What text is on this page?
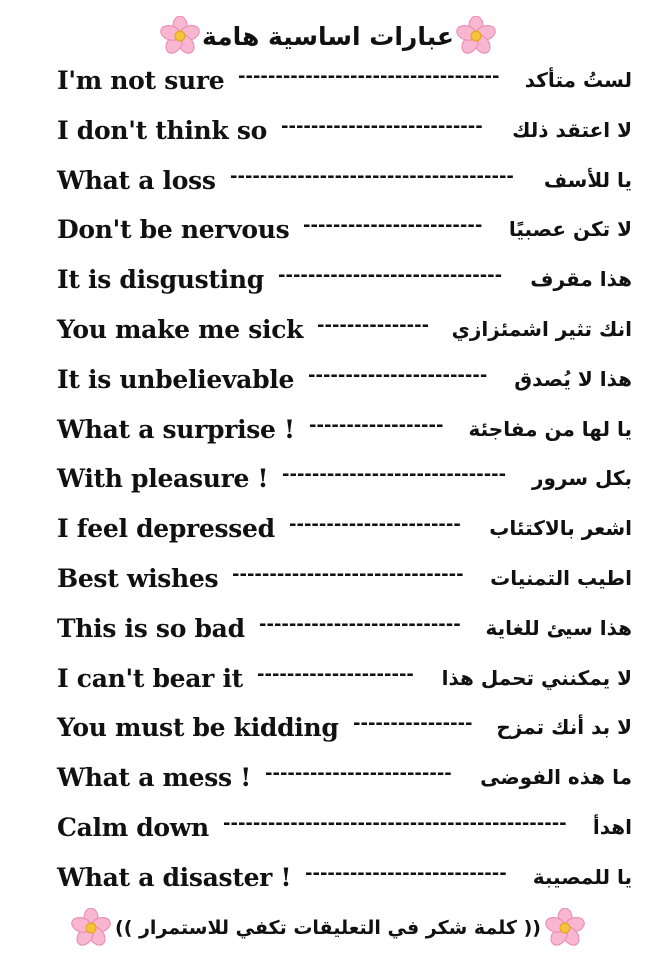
عبارات اساسية هامة
I'm not sure ----------------------------------- لستُ متأكد
I don't think so ---------------------------	لا اعتقد ذلك
What a loss --------------------------------------	يا للأسف
Don't be nervous ------------------------ لا تكن عصبيًا
It is disgusting ------------------------------ هذا مقرف
You make me sick --------------- انك تثير اشمئزازي
It is unbelievable ------------------------ هذا لا يُصدق
What a surprise ! ------------------ يا لها من مفاجئة
With pleasure ! ------------------------------ بكل سرور
I feel depressed -----------------------	اشعر بالاكتئاب
Best wishes ------------------------------- اطيب التمنيات
This is so bad --------------------------- هذا سيئ للغاية
I can't bear it ---------------------	لا يمكنني تحمل هذا
You must be kidding ---------------- لا بد أنك تمزح
What a mess ! -------------------------	ما هذه الفوضى
Calm down ---------------------------------------------- اهدأ
What a disaster ! --------------------------- يا للمصيبة
(( كلمة شكر في التعليقات تكفي للاستمرار ))
